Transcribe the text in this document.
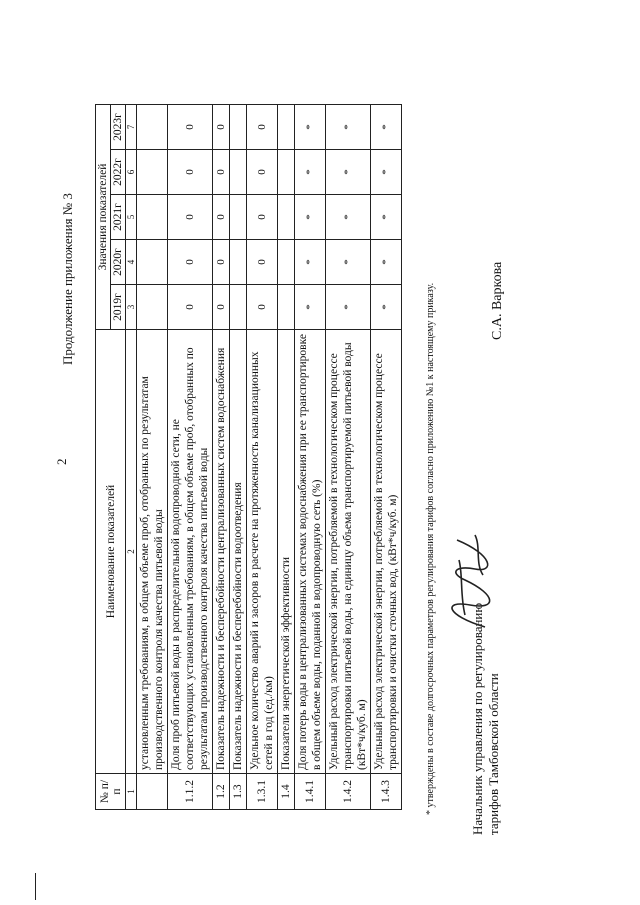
2
Продолжение приложения № 3
№ п/п	Наименование показателей	Значения показателей				
		2019г	2020г	2021г	2022г	2023г
1	2	3	4	5	6	7
	установленным требованиям, в общем объеме проб, отобранных по результатам производственного контроля качества питьевой воды					
1.1.2	Доля проб питьевой воды в распределительной водопроводной сети, не соответствующих установленным требованиям, в общем объеме проб, отобранных по результатам производственного контроля качества питьевой воды	0	0	0	0	0
1.2	Показатель надежности и бесперебойности централизованных систем водоснабжения	0	0	0	0	0
1.3	Показатель надежности и бесперебойности водоотведения					
1.3.1	Удельное количество аварий и засоров в расчете на протяженность канализационных сетей в год (ед./км)	0	0	0	0	0
1.4	Показатели энергетической эффективности					
1.4.1	Доля потерь воды в централизованных системах водоснабжения при ее транспортировке в общем объеме воды, поданной в водопроводную сеть (%)	*	*	*	*	*
1.4.2	Удельный расход электрической энергии, потребляемой в технологическом процессе транспортировки питьевой воды, на единицу объема транспортируемой питьевой воды (кВт*ч/куб. м)	*	*	*	*	*
1.4.3	Удельный расход электрической энергии, потребляемой в технологическом процессе транспортировки и очистки сточных вод, (кВт*ч/куб. м)	*	*	*	*	*
* утверждены в составе долгосрочных параметров регулирования тарифов согласно приложению №1 к настоящему приказу.	Начальник управления по регулированию тарифов Тамбовской области
С.А. Варкова
